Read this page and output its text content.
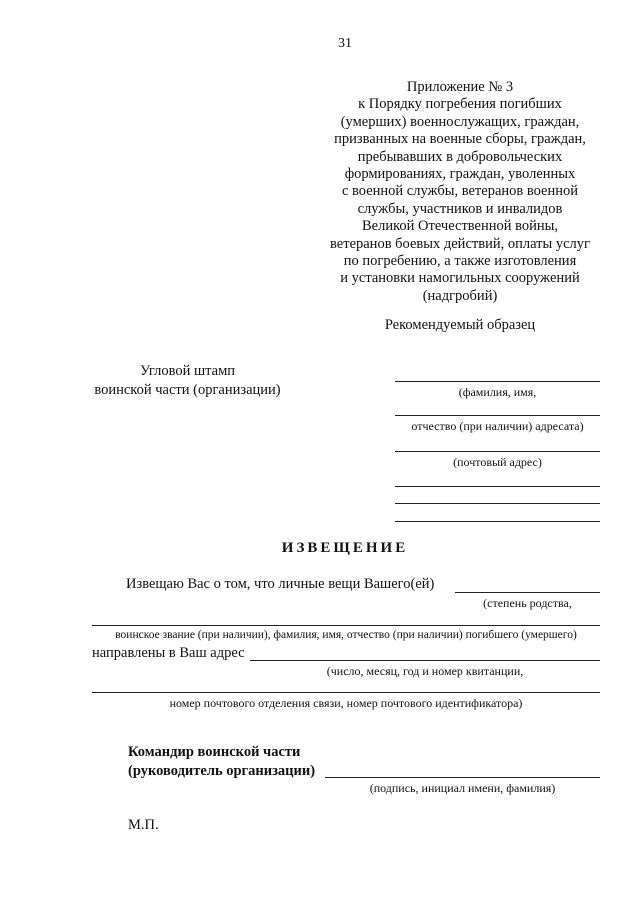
31
Приложение № 3
к Порядку погребения погибших
(умерших) военнослужащих, граждан,
призванных на военные сборы, граждан,
пребывавших в добровольческих
формированиях, граждан, уволенных
с военной службы, ветеранов военной
службы, участников и инвалидов
Великой Отечественной войны,
ветеранов боевых действий, оплаты услуг
по погребению, а также изготовления
и установки намогильных сооружений
(надгробий)
Рекомендуемый образец
Угловой штамп
воинской части (организации)	(фамилия, имя,
отчество (при наличии) адресата)
(почтовый адрес)
ИЗВЕЩЕНИЕ
Извещаю Вас о том, что личные вещи Вашего(ей)
(степень родства,
воинское звание (при наличии), фамилия, имя, отчество (при наличии) погибшего (умершего)
направлены в Ваш адрес
(число, месяц, год и номер квитанции,
номер почтового отделения связи, номер почтового идентификатора)
Командир воинской части
(руководитель организации)
(подпись, инициал имени, фамилия)
М.П.
